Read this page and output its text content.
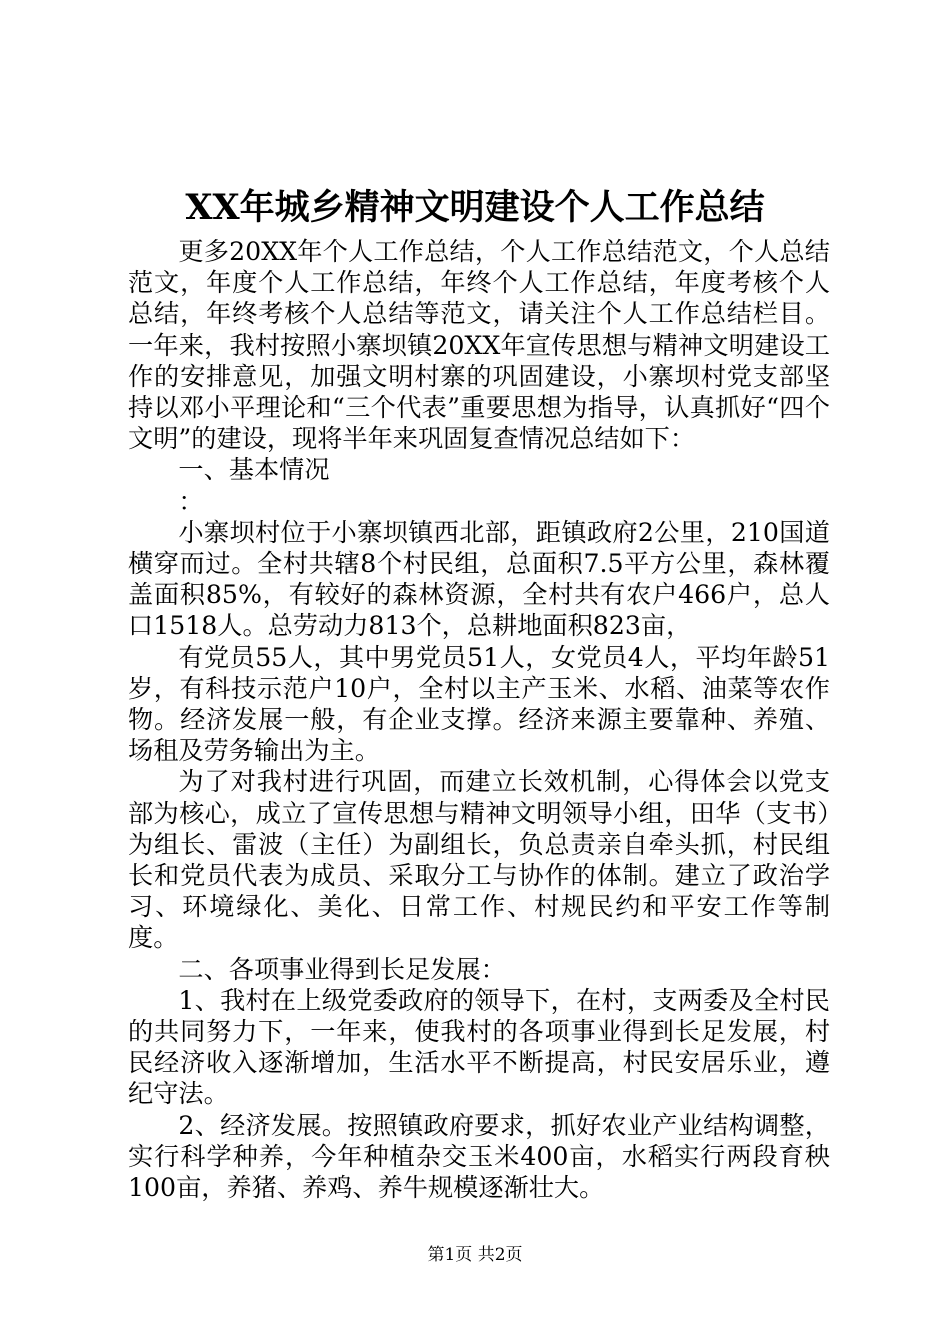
XX年城乡精神文明建设个人工作总结

更多20XX年个人工作总结，个人工作总结范文，个人总结范文，年度个人工作总结，年终个人工作总结，年度考核个人总结，年终考核个人总结等范文，请关注个人工作总结栏目。一年来，我村按照小寨坝镇20XX年宣传思想与精神文明建设工作的安排意见，加强文明村寨的巩固建设，小寨坝村党支部坚持以邓小平理论和“三个代表”重要思想为指导，认真抓好“四个文明”的建设，现将半年来巩固复查情况总结如下：

一、基本情况

：

小寨坝村位于小寨坝镇西北部，距镇政府2公里，210国道横穿而过。全村共辖8个村民组，总面积7.5平方公里，森林覆盖面积85%，有较好的森林资源，全村共有农户466户，总人口1518人。总劳动力813个，总耕地面积823亩，

有党员55人，其中男党员51人，女党员4人，平均年龄51岁，有科技示范户10户，全村以主产玉米、水稻、油菜等农作物。经济发展一般，有企业支撑。经济来源主要靠种、养殖、场租及劳务输出为主。

为了对我村进行巩固，而建立长效机制，心得体会以党支部为核心，成立了宣传思想与精神文明领导小组，田华（支书）为组长、雷波（主任）为副组长，负总责亲自牵头抓，村民组长和党员代表为成员、采取分工与协作的体制。建立了政治学习、环境绿化、美化、日常工作、村规民约和平安工作等制度。

二、各项事业得到长足发展：

1、我村在上级党委政府的领导下，在村，支两委及全村民的共同努力下，一年来，使我村的各项事业得到长足发展，村民经济收入逐渐增加，生活水平不断提高，村民安居乐业，遵纪守法。

2、经济发展。按照镇政府要求，抓好农业产业结构调整，实行科学种养，今年种植杂交玉米400亩，水稻实行两段育秧100亩，养猪、养鸡、养牛规模逐渐壮大。

第1页 共2页
